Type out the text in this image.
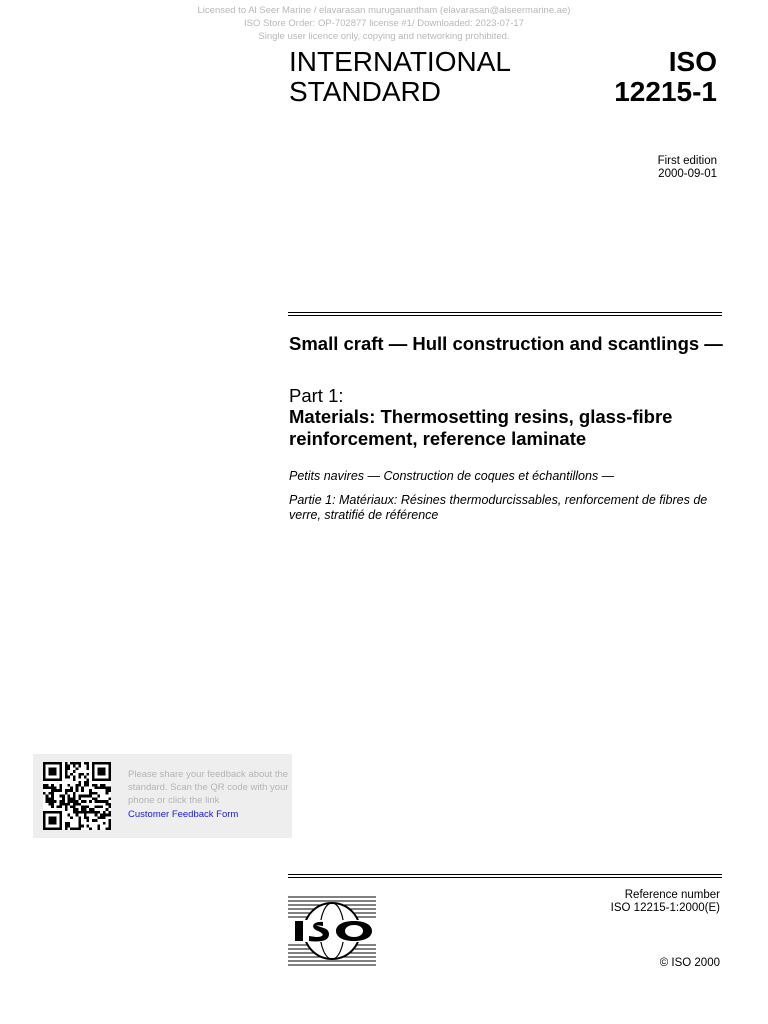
Licensed to Al Seer Marine / elavarasan muruganantham (elavarasan@alseermarine.ae)
ISO Store Order: OP-702877 license #1/ Downloaded: 2023-07-17
Single user licence only, copying and networking prohibited.
INTERNATIONAL
STANDARD
ISO
12215-1
First edition
2000-09-01
Small craft — Hull construction and scantlings —
Part 1:
Materials: Thermosetting resins, glass-fibre reinforcement, reference laminate
Petits navires — Construction de coques et échantillons —
Partie 1: Matériaux: Résines thermodurcissables, renforcement de fibres de verre, stratifié de référence
Please share your feedback about the standard. Scan the QR code with your phone or click the link
Customer Feedback Form
Reference number
ISO 12215-1:2000(E)
© ISO 2000
